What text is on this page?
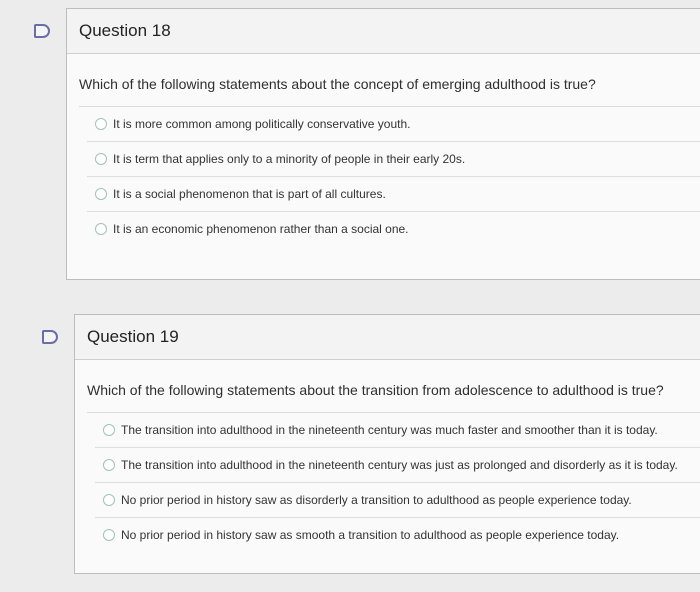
Question 18
Which of the following statements about the concept of emerging adulthood is true?
It is more common among politically conservative youth.
It is term that applies only to a minority of people in their early 20s.
It is a social phenomenon that is part of all cultures.
It is an economic phenomenon rather than a social one.
Question 19
Which of the following statements about the transition from adolescence to adulthood is true?
The transition into adulthood in the nineteenth century was much faster and smoother than it is today.
The transition into adulthood in the nineteenth century was just as prolonged and disorderly as it is today.
No prior period in history saw as disorderly a transition to adulthood as people experience today.
No prior period in history saw as smooth a transition to adulthood as people experience today.
